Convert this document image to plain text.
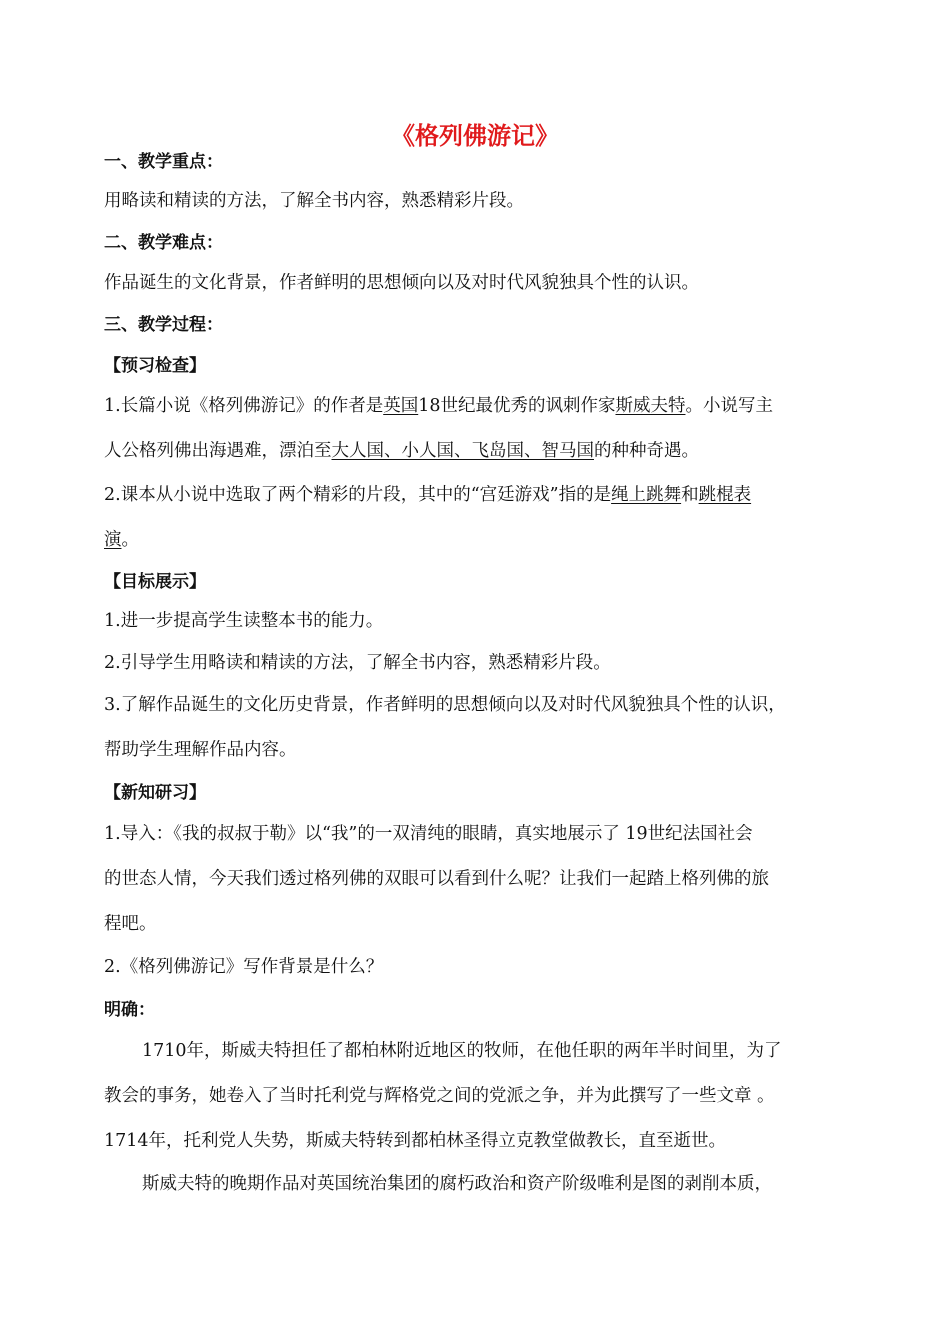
《格列佛游记》
一、教学重点：
用略读和精读的方法，了解全书内容，熟悉精彩片段。
二、教学难点：
作品诞生的文化背景，作者鲜明的思想倾向以及对时代风貌独具个性的认识。
三、教学过程：
【预习检查】
1.长篇小说《格列佛游记》的作者是英国18世纪最优秀的讽刺作家斯威夫特。小说写主
人公格列佛出海遇难，漂泊至大人国、小人国、飞岛国、智马国的种种奇遇。
2.课本从小说中选取了两个精彩的片段，其中的“宫廷游戏”指的是绳上跳舞和跳棍表
演。
【目标展示】
1.进一步提高学生读整本书的能力。
2.引导学生用略读和精读的方法，了解全书内容，熟悉精彩片段。
3.了解作品诞生的文化历史背景，作者鲜明的思想倾向以及对时代风貌独具个性的认识，
帮助学生理解作品内容。
【新知研习】
1.导入：《我的叔叔于勒》以“我”的一双清纯的眼睛，真实地展示了 19世纪法国社会
的世态人情，今天我们透过格列佛的双眼可以看到什么呢？让我们一起踏上格列佛的旅
程吧。
2.《格列佛游记》写作背景是什么？
明确：
1710年，斯威夫特担任了都柏林附近地区的牧师，在他任职的两年半时间里，为了
教会的事务，她卷入了当时托利党与辉格党之间的党派之争，并为此撰写了一些文章 。
1714年，托利党人失势，斯威夫特转到都柏林圣得立克教堂做教长，直至逝世。
斯威夫特的晚期作品对英国统治集团的腐朽政治和资产阶级唯利是图的剥削本质，
